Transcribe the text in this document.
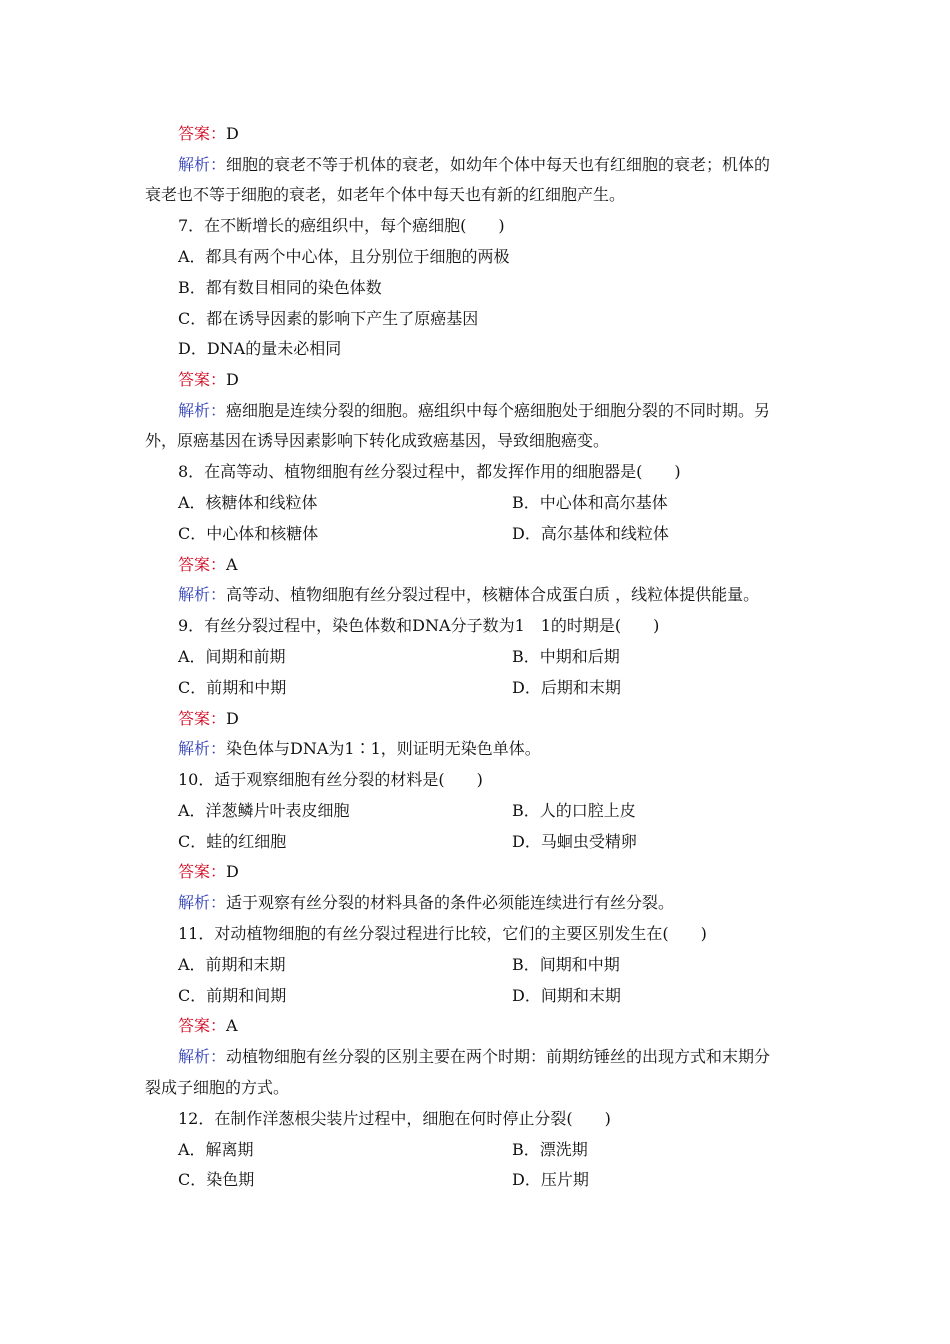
答案：D
解析：细胞的衰老不等于机体的衰老，如幼年个体中每天也有红细胞的衰老；机体的
衰老也不等于细胞的衰老，如老年个体中每天也有新的红细胞产生。
7．在不断增长的癌组织中，每个癌细胞(　　)
A．都具有两个中心体，且分别位于细胞的两极
B．都有数目相同的染色体数
C．都在诱导因素的影响下产生了原癌基因
D．DNA的量未必相同
答案：D
解析：癌细胞是连续分裂的细胞。癌组织中每个癌细胞处于细胞分裂的不同时期。另
外，原癌基因在诱导因素影响下转化成致癌基因，导致细胞癌变。
8．在高等动、植物细胞有丝分裂过程中，都发挥作用的细胞器是(　　)
A．核糖体和线粒体	B．中心体和高尔基体
C．中心体和核糖体	D．高尔基体和线粒体
答案：A
解析：高等动、植物细胞有丝分裂过程中，核糖体合成蛋白质 ，线粒体提供能量。
9．有丝分裂过程中，染色体数和DNA分子数为1　1的时期是(　　)
A．间期和前期	B．中期和后期
C．前期和中期	D．后期和末期
答案：D
解析：染色体与DNA为1∶1，则证明无染色单体。
10．适于观察细胞有丝分裂的材料是(　　)
A．洋葱鳞片叶表皮细胞	B．人的口腔上皮
C．蛙的红细胞	D．马蛔虫受精卵
答案：D
解析：适于观察有丝分裂的材料具备的条件必须能连续进行有丝分裂。
11．对动植物细胞的有丝分裂过程进行比较，它们的主要区别发生在(　　)
A．前期和末期	B．间期和中期
C．前期和间期	D．间期和末期
答案：A
解析：动植物细胞有丝分裂的区别主要在两个时期：前期纺锤丝的出现方式和末期分
裂成子细胞的方式。
12．在制作洋葱根尖装片过程中，细胞在何时停止分裂(　　)
A．解离期	B．漂洗期
C．染色期	D．压片期
